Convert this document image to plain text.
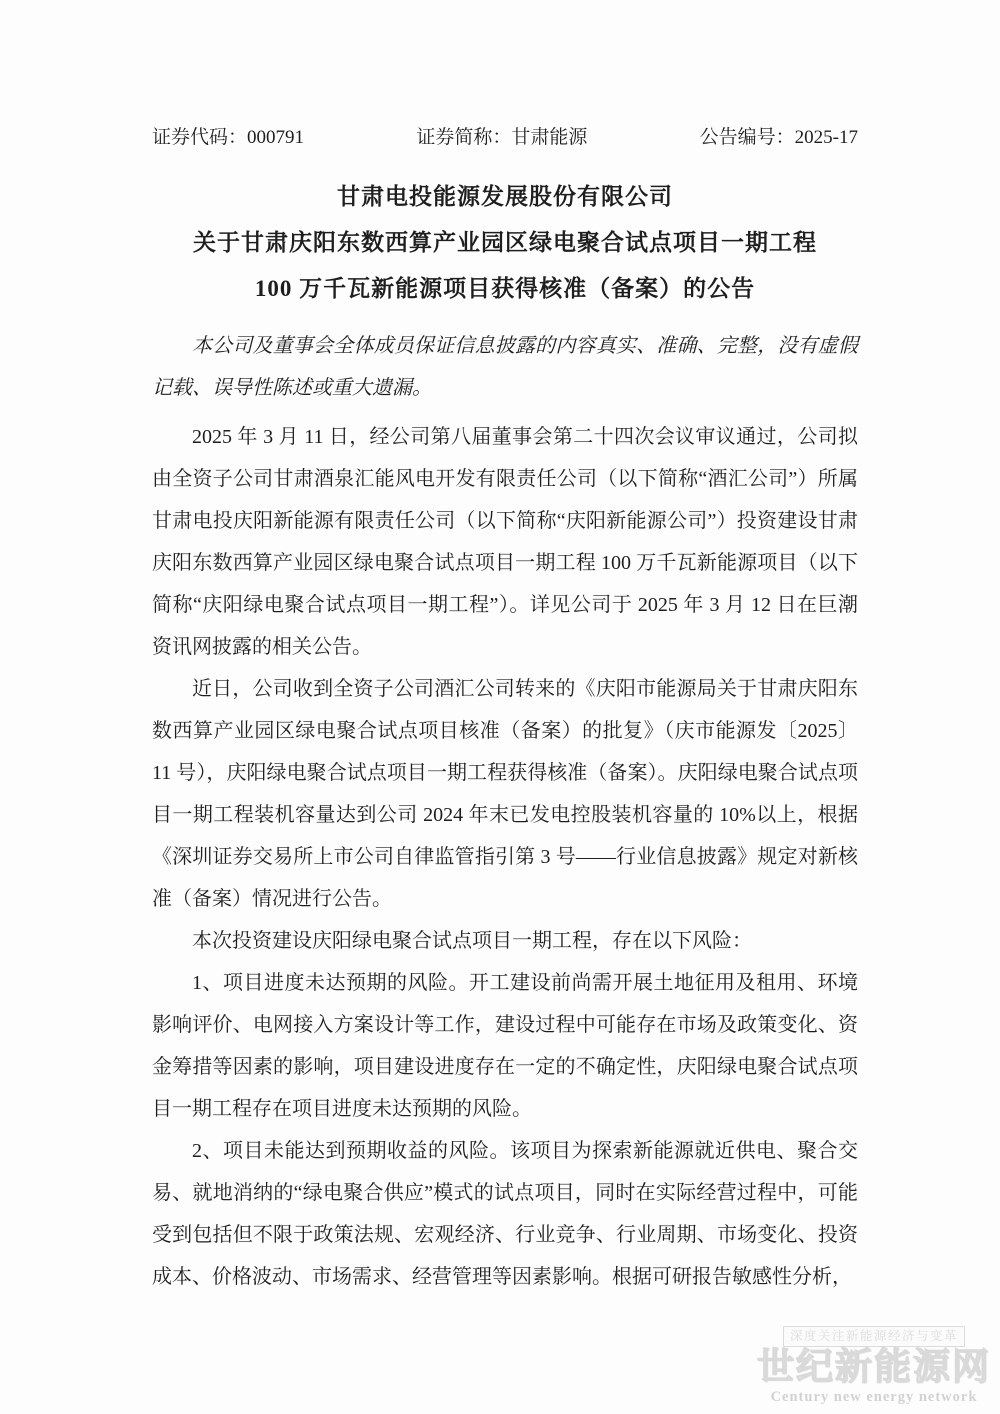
证券代码：000791	证券简称：甘肃能源	公告编号：2025-17
甘肃电投能源发展股份有限公司
关于甘肃庆阳东数西算产业园区绿电聚合试点项目一期工程
100 万千瓦新能源项目获得核准（备案）的公告
本公司及董事会全体成员保证信息披露的内容真实、准确、完整，没有虚假记载、误导性陈述或重大遗漏。

2025 年 3 月 11 日，经公司第八届董事会第二十四次会议审议通过，公司拟由全资子公司甘肃酒泉汇能风电开发有限责任公司（以下简称“酒汇公司”）所属甘肃电投庆阳新能源有限责任公司（以下简称“庆阳新能源公司”）投资建设甘肃庆阳东数西算产业园区绿电聚合试点项目一期工程 100 万千瓦新能源项目（以下简称“庆阳绿电聚合试点项目一期工程”）。详见公司于 2025 年 3 月 12 日在巨潮资讯网披露的相关公告。

近日，公司收到全资子公司酒汇公司转来的《庆阳市能源局关于甘肃庆阳东数西算产业园区绿电聚合试点项目核准（备案）的批复》（庆市能源发〔2025〕11 号），庆阳绿电聚合试点项目一期工程获得核准（备案）。庆阳绿电聚合试点项目一期工程装机容量达到公司 2024 年末已发电控股装机容量的 10%以上，根据《深圳证券交易所上市公司自律监管指引第 3 号——行业信息披露》规定对新核准（备案）情况进行公告。

本次投资建设庆阳绿电聚合试点项目一期工程，存在以下风险：

1、项目进度未达预期的风险。开工建设前尚需开展土地征用及租用、环境影响评价、电网接入方案设计等工作，建设过程中可能存在市场及政策变化、资金筹措等因素的影响，项目建设进度存在一定的不确定性，庆阳绿电聚合试点项目一期工程存在项目进度未达预期的风险。

2、项目未能达到预期收益的风险。该项目为探索新能源就近供电、聚合交易、就地消纳的“绿电聚合供应”模式的试点项目，同时在实际经营过程中，可能受到包括但不限于政策法规、宏观经济、行业竞争、行业周期、市场变化、投资成本、价格波动、市场需求、经营管理等因素影响。根据可研报告敏感性分析，

深度关注新能源经济与变革
世纪新能源网
Century new energy network
